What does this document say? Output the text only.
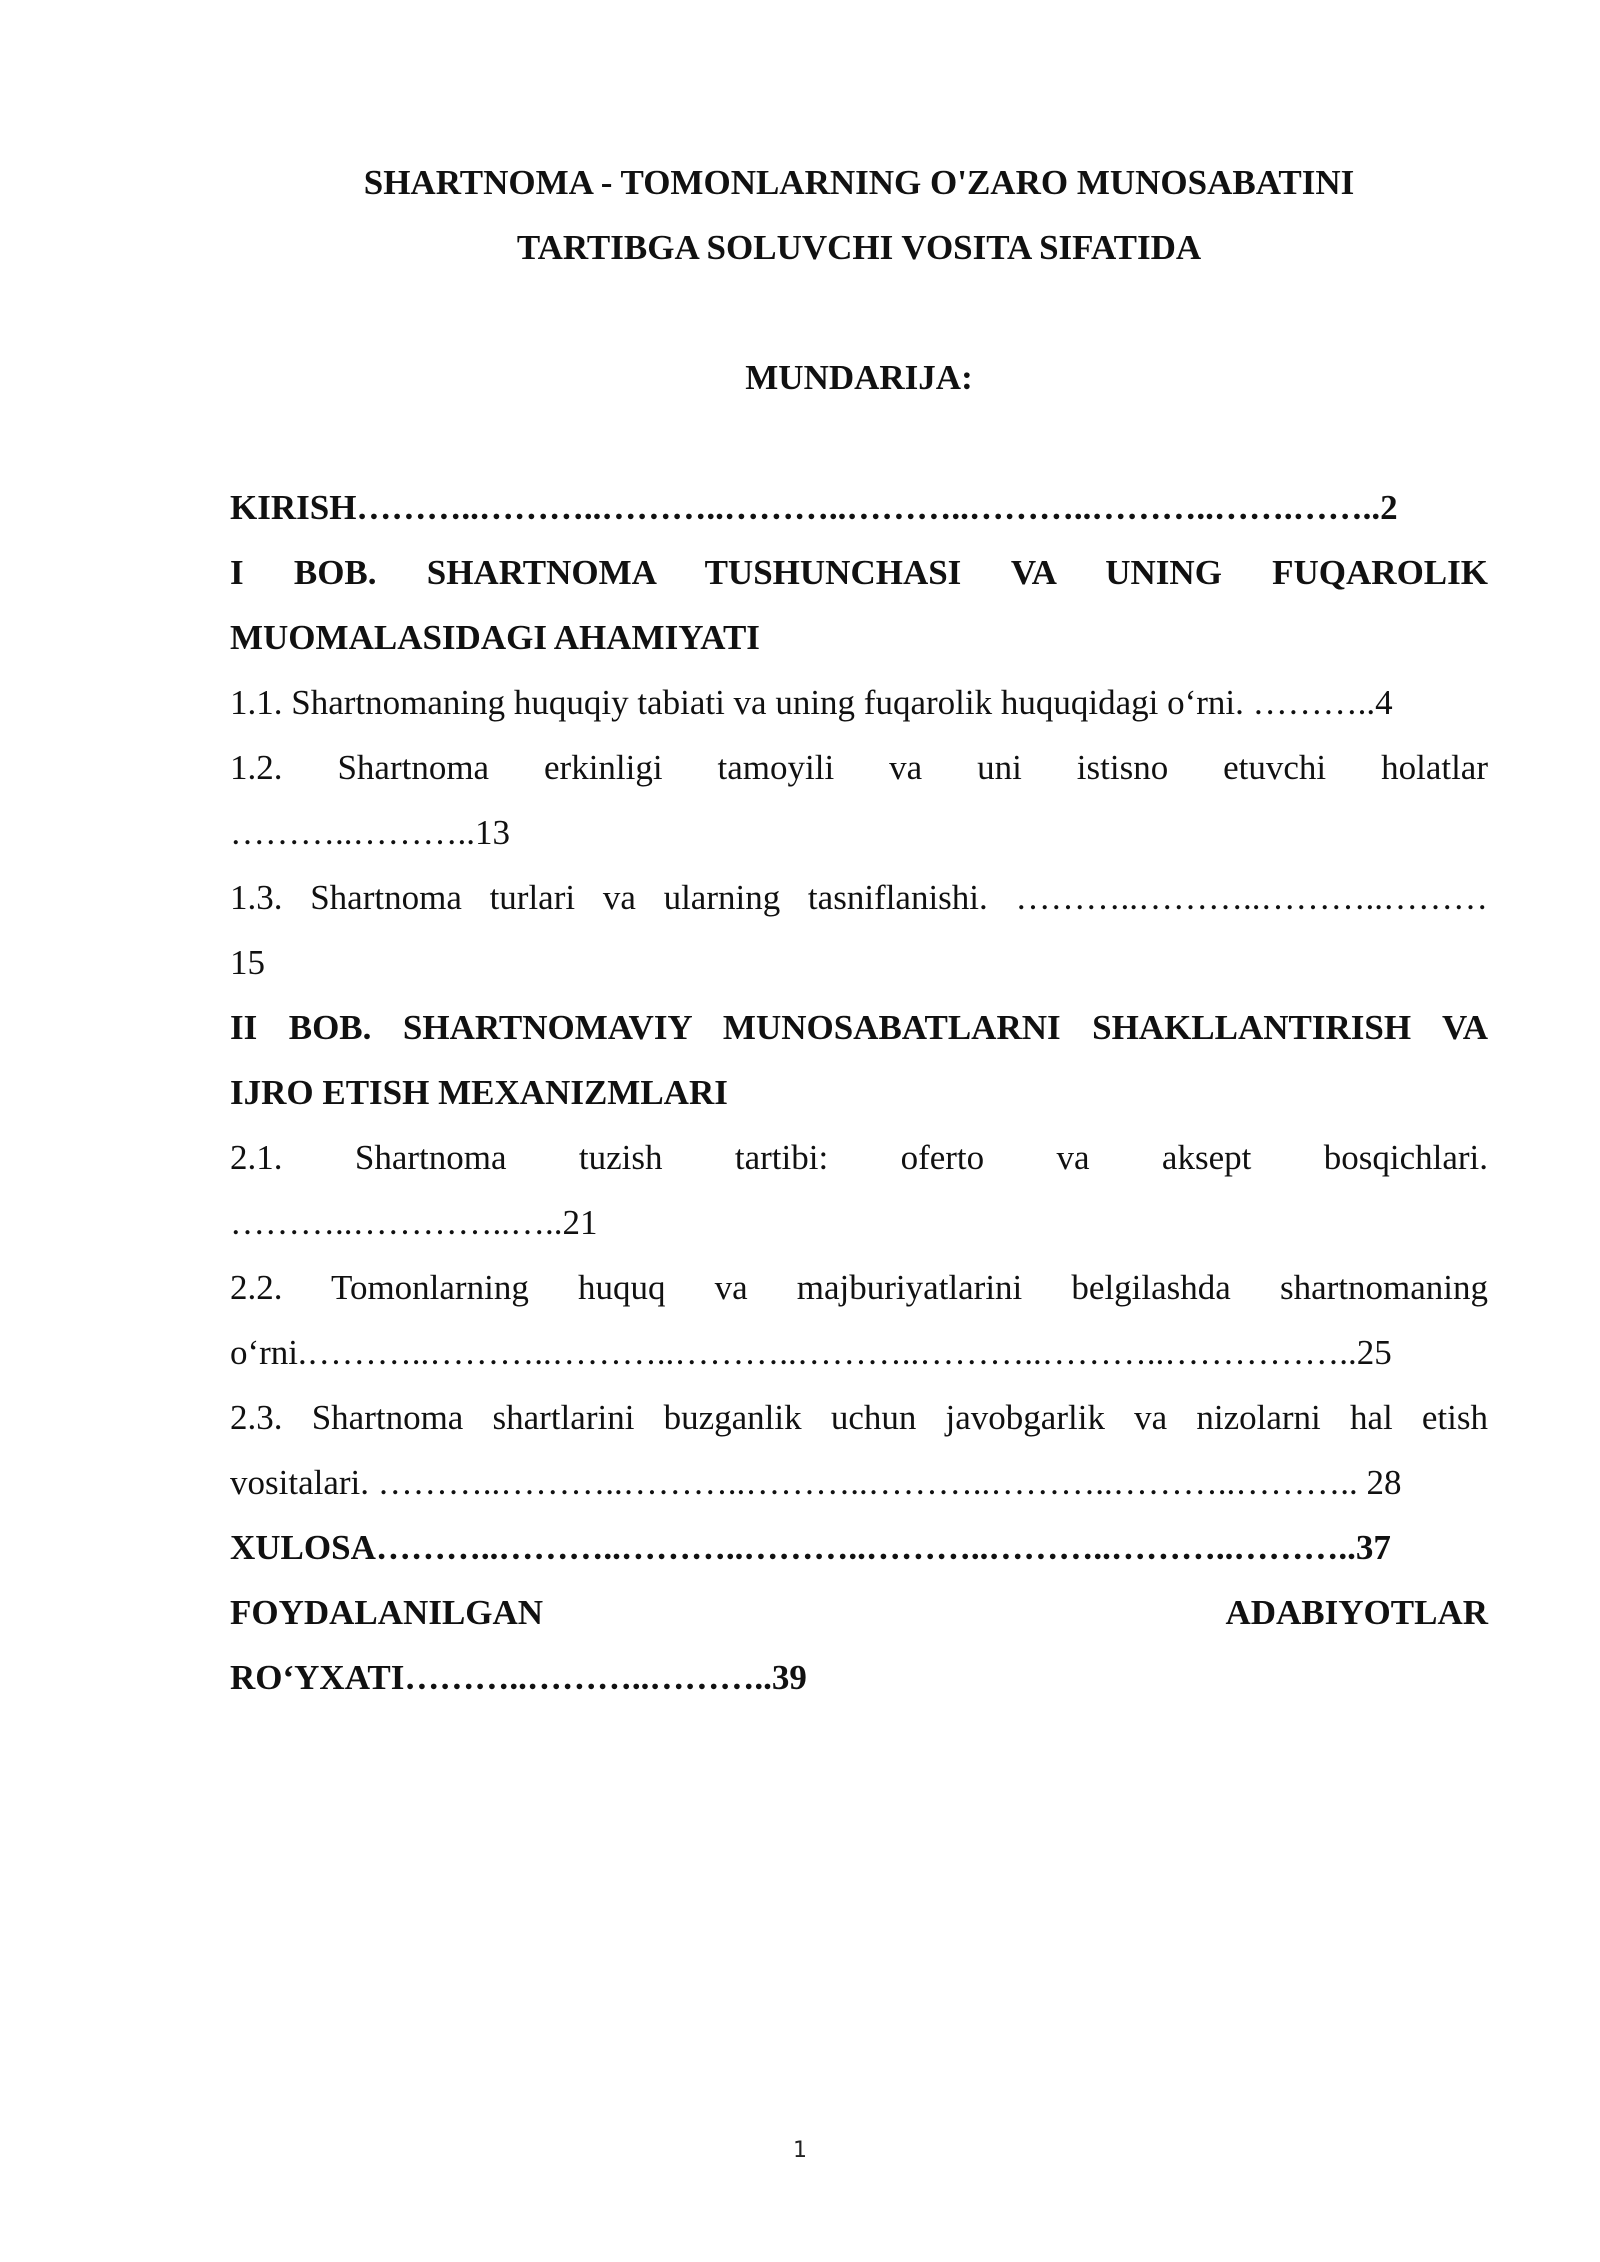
SHARTNOMA - TOMONLARNING O'ZARO MUNOSABATINI
TARTIBGA SOLUVCHI VOSITA SIFATIDA
MUNDARIJA:
KIRISH………..………..………..………..………..………..………..…….……..2
I BOB. SHARTNOMA TUSHUNCHASI VA UNING FUQAROLIK
MUOMALASIDAGI AHAMIYATI
1.1. Shartnomaning huquqiy tabiati va uning fuqarolik huquqidagi o‘rni. ………..4
1.2. Shartnoma erkinligi tamoyili va uni istisno etuvchi holatlar
………..………..13
1.3. Shartnoma turlari va ularning tasniflanishi. ………..………..………..………
15
II BOB. SHARTNOMAVIY MUNOSABATLARNI SHAKLLANTIRISH VA
IJRO ETISH MEXANIZMLARI
2.1. Shartnoma tuzish tartibi: oferto va aksept bosqichlari.
………..…………..…..21
2.2. Tomonlarning huquq va majburiyatlarini belgilashda shartnomaning
o‘rni.………..………..………..………..………..………..………..……………..25
2.3. Shartnoma shartlarini buzganlik uchun javobgarlik va nizolarni hal etish
vositalari. ………..………..………..………..………..………..………..……….. 28
XULOSA………..………..………..………..………..………..………..………..37
FOYDALANILGAN ADABIYOTLAR
RO‘YXATI………..………..………..39
1
